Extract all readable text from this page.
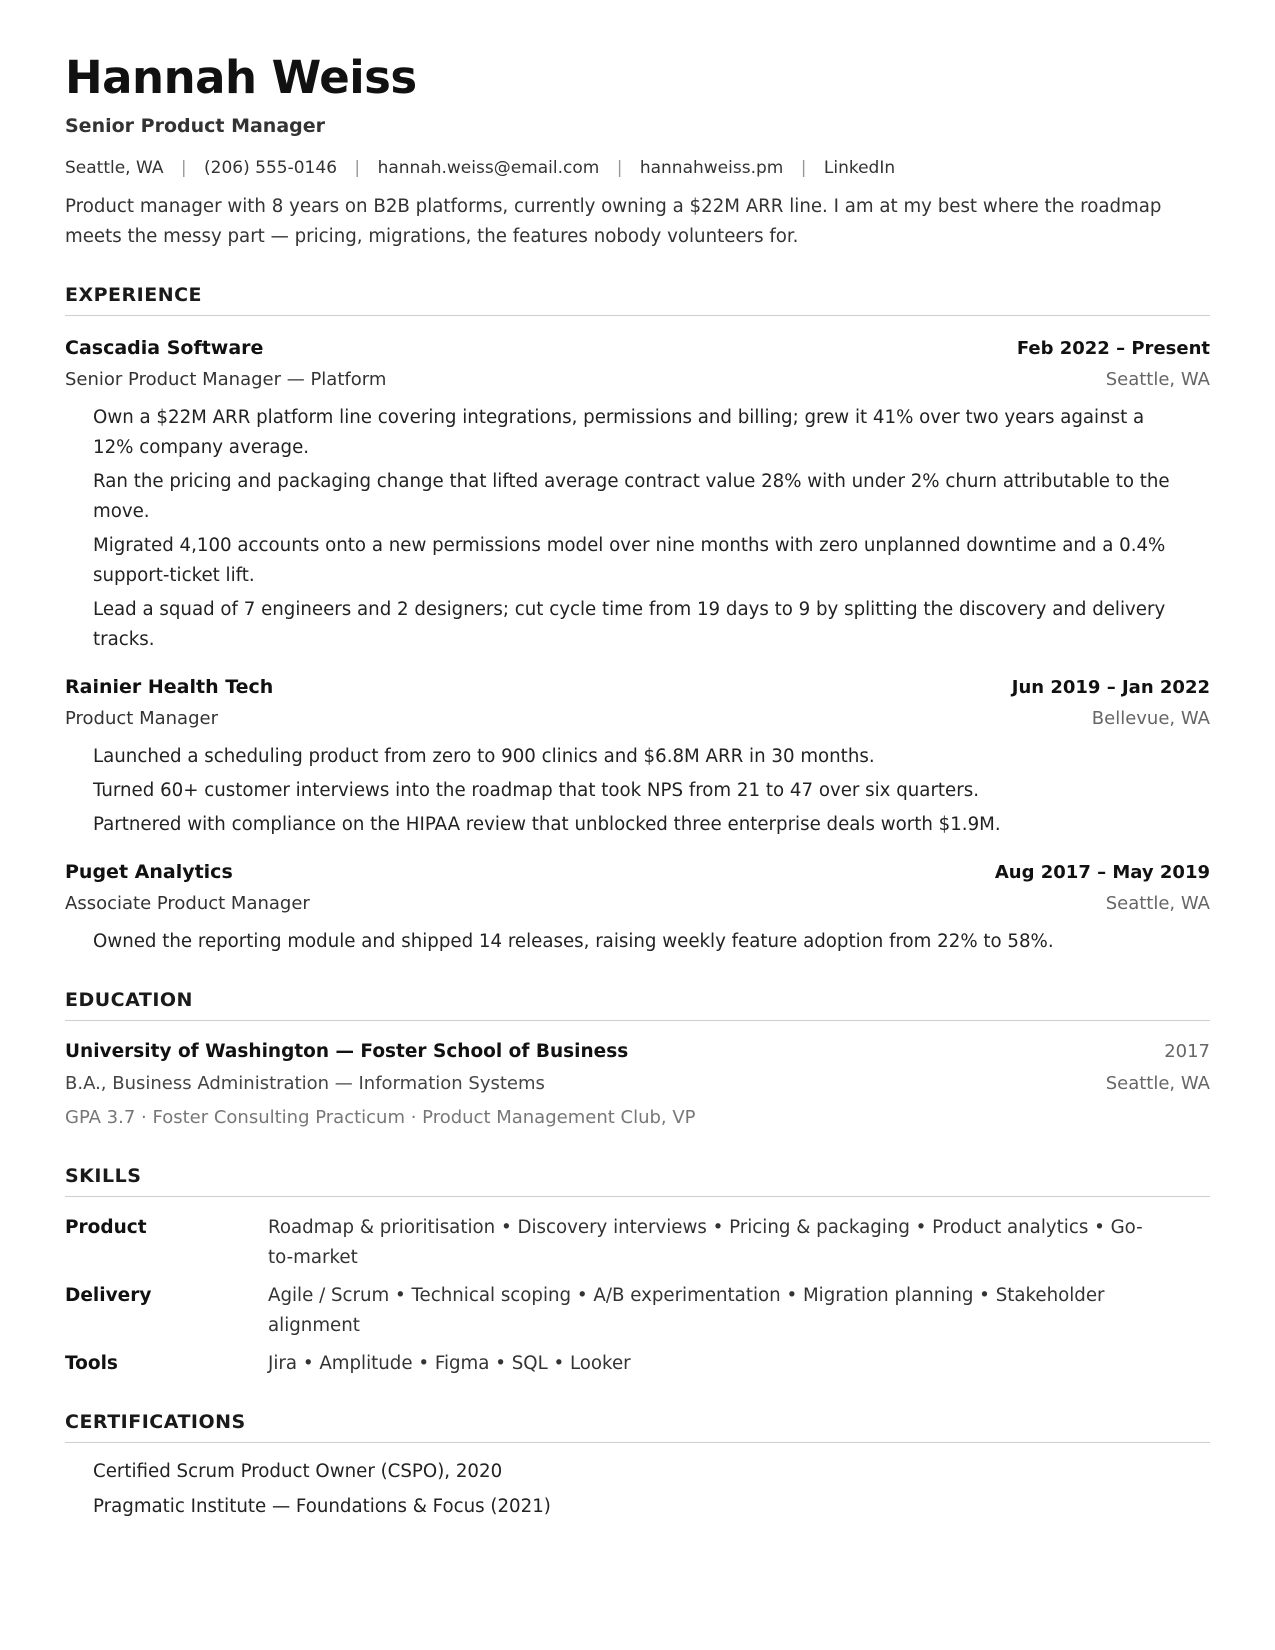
Hannah Weiss
Senior Product Manager
Seattle, WA | (206) 555-0146 | hannah.weiss@email.com | hannahweiss.pm | LinkedIn
Product manager with 8 years on B2B platforms, currently owning a $22M ARR line. I am at my best where the roadmap meets the messy part — pricing, migrations, the features nobody volunteers for.
EXPERIENCE
Cascadia Software	Feb 2022 – Present
Senior Product Manager — Platform	Seattle, WA
Own a $22M ARR platform line covering integrations, permissions and billing; grew it 41% over two years against a 12% company average.
Ran the pricing and packaging change that lifted average contract value 28% with under 2% churn attributable to the move.
Migrated 4,100 accounts onto a new permissions model over nine months with zero unplanned downtime and a 0.4% support-ticket lift.
Lead a squad of 7 engineers and 2 designers; cut cycle time from 19 days to 9 by splitting the discovery and delivery tracks.
Rainier Health Tech	Jun 2019 – Jan 2022
Product Manager	Bellevue, WA
Launched a scheduling product from zero to 900 clinics and $6.8M ARR in 30 months.
Turned 60+ customer interviews into the roadmap that took NPS from 21 to 47 over six quarters.
Partnered with compliance on the HIPAA review that unblocked three enterprise deals worth $1.9M.
Puget Analytics	Aug 2017 – May 2019
Associate Product Manager	Seattle, WA
Owned the reporting module and shipped 14 releases, raising weekly feature adoption from 22% to 58%.
EDUCATION
University of Washington — Foster School of Business	2017
B.A., Business Administration — Information Systems	Seattle, WA
GPA 3.7 · Foster Consulting Practicum · Product Management Club, VP
SKILLS
Product	Roadmap & prioritisation • Discovery interviews • Pricing & packaging • Product analytics • Go-to-market
Delivery	Agile / Scrum • Technical scoping • A/B experimentation • Migration planning • Stakeholder alignment
Tools	Jira • Amplitude • Figma • SQL • Looker
CERTIFICATIONS
Certified Scrum Product Owner (CSPO), 2020
Pragmatic Institute — Foundations & Focus (2021)
